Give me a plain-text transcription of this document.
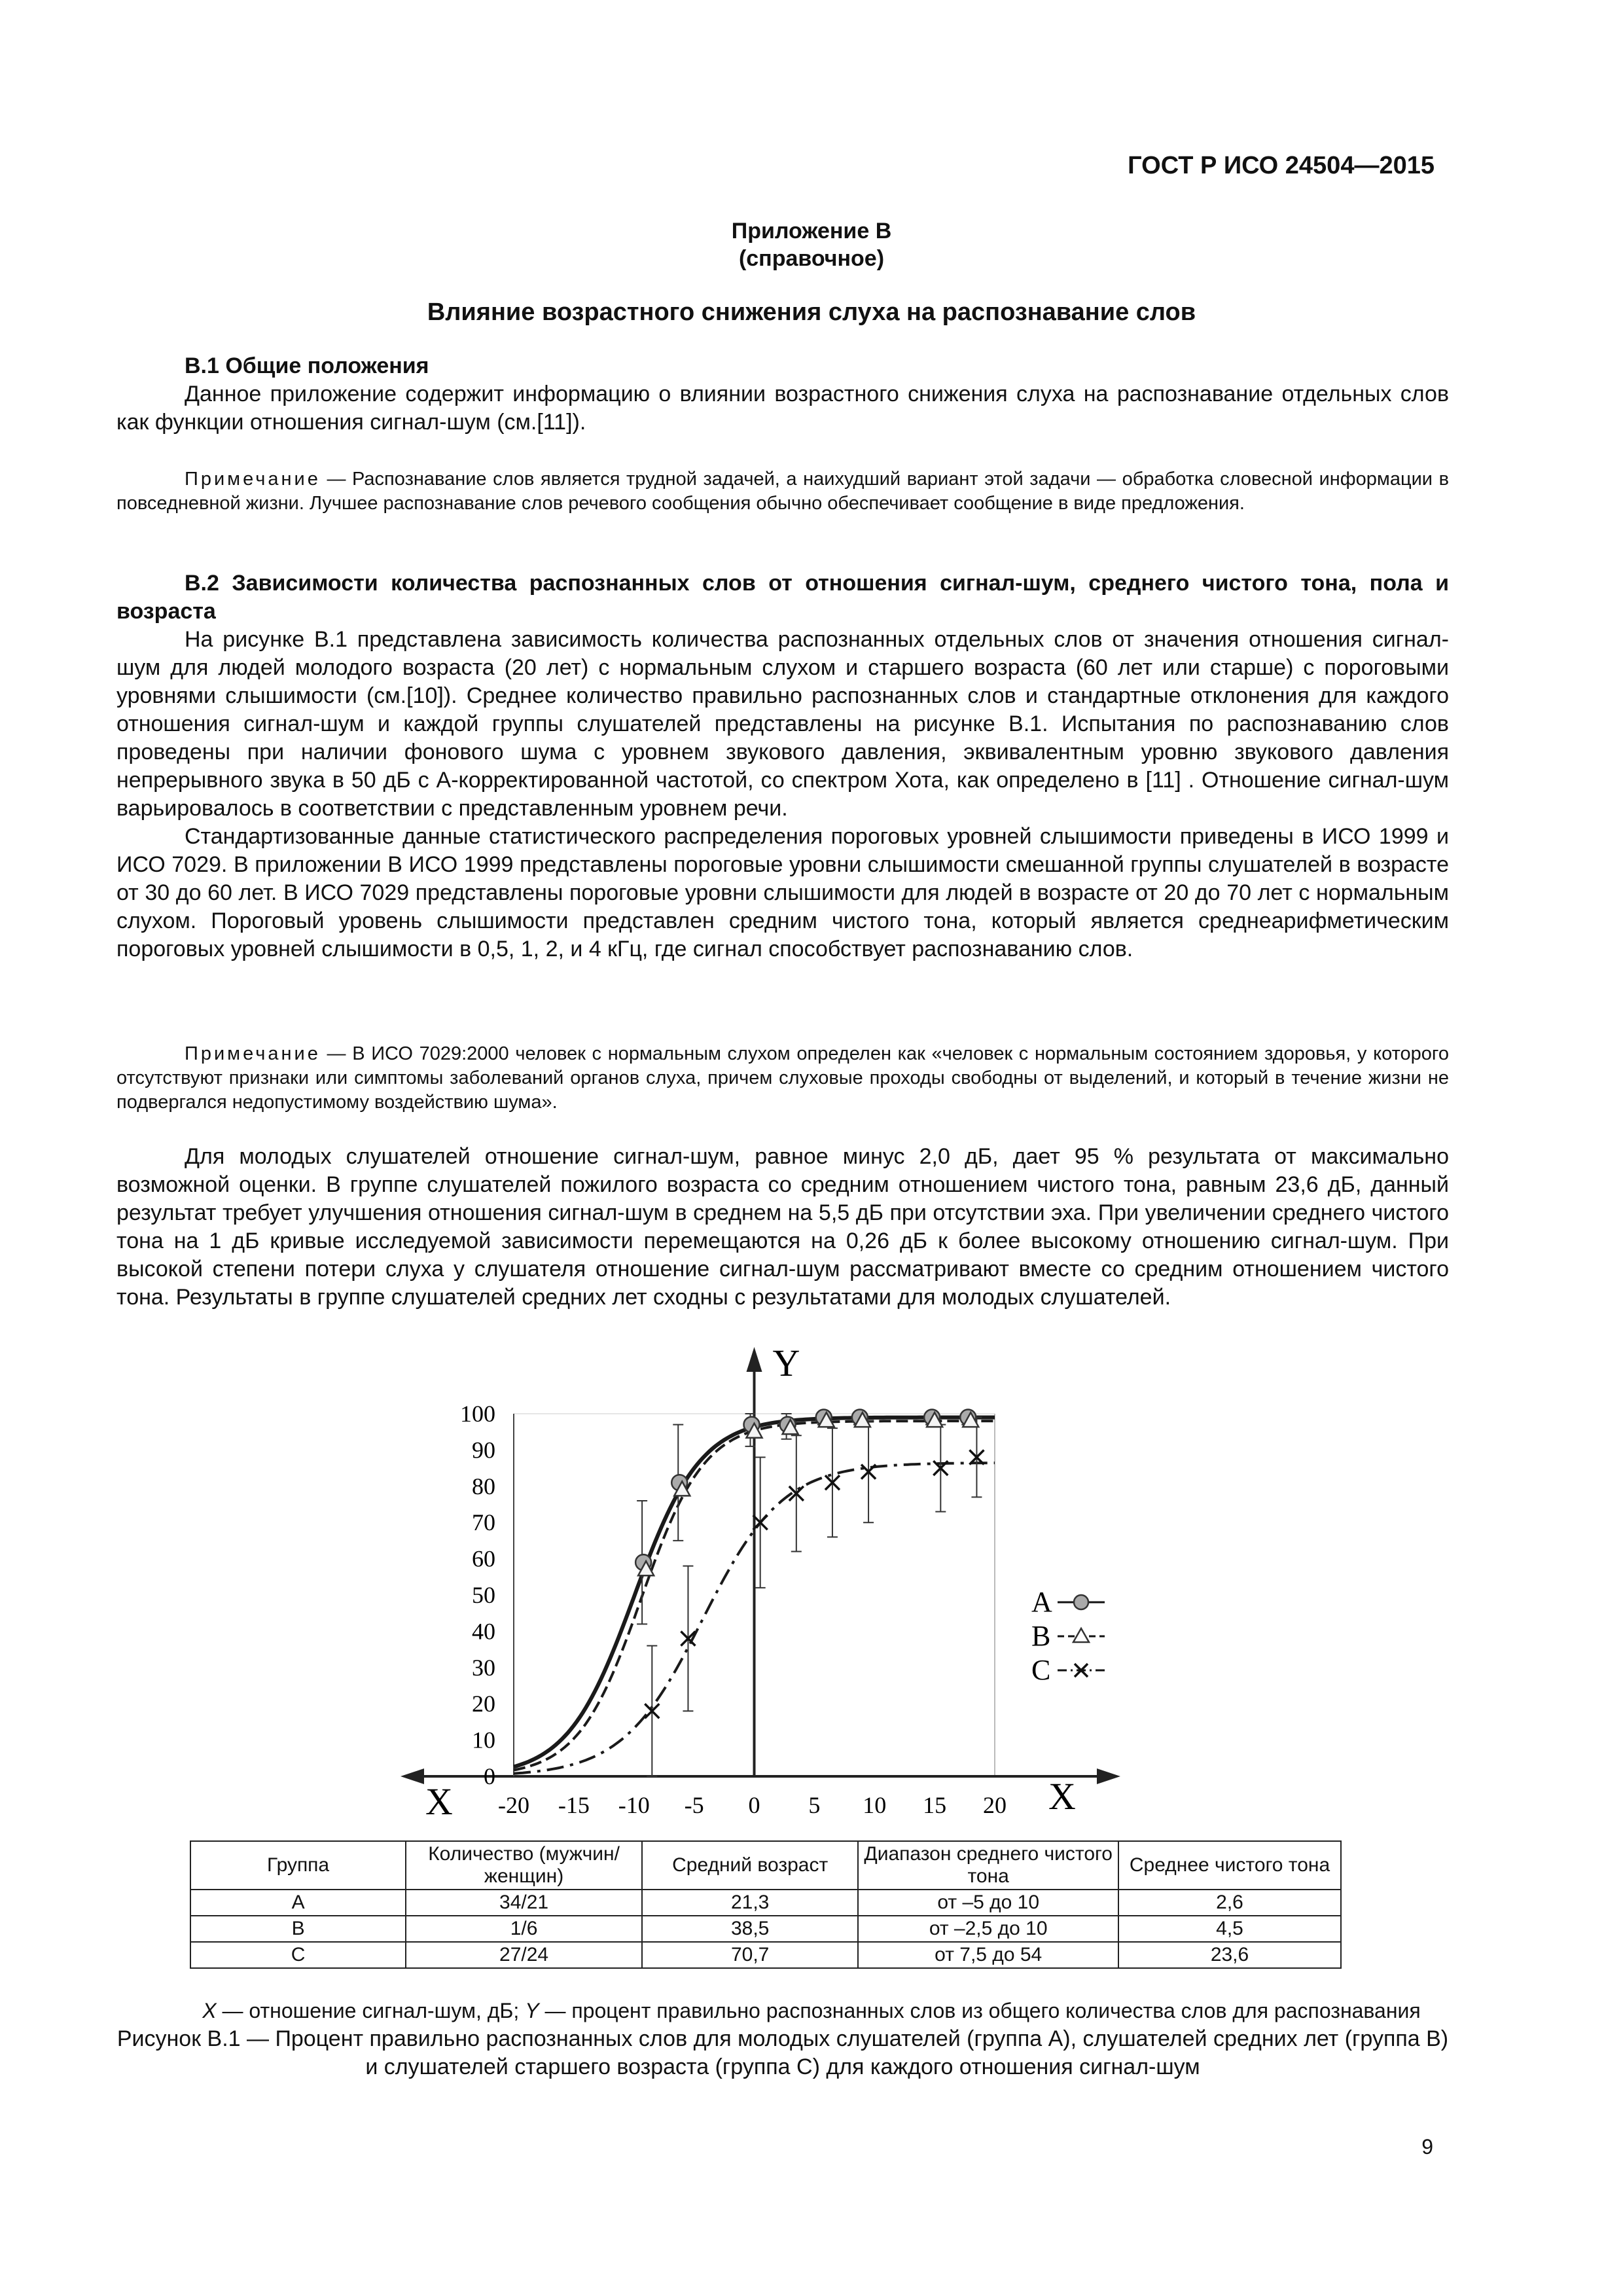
ГОСТ Р ИСО 24504—2015
Приложение В
(справочное)
Влияние возрастного снижения слуха на распознавание слов
В.1 Общие положения
Данное приложение содержит информацию о влиянии возрастного снижения слуха на распознавание отдельных слов как функции отношения сигнал-шум (см.[11]).
Примечание — Распознавание слов является трудной задачей, а наихудший вариант этой задачи — обработка словесной информации в повседневной жизни. Лучшее распознавание слов речевого сообщения обычно обеспечивает сообщение в виде предложения.
В.2 Зависимости количества распознанных слов от отношения сигнал-шум, среднего чистого тона, пола и возраста
На рисунке В.1 представлена зависимость количества распознанных отдельных слов от значения отношения сигнал-шум для людей молодого возраста (20 лет) с нормальным слухом и старшего возраста (60 лет или старше) с пороговыми уровнями слышимости (см.[10]). Среднее количество правильно распознанных слов и стандартные отклонения для каждого отношения сигнал-шум и каждой группы слушателей представлены на рисунке В.1. Испытания по распознаванию слов проведены при наличии фонового шума с уровнем звукового давления, эквивалентным уровню звукового давления непрерывного звука в 50 дБ с А-корректированной частотой, со спектром Хота, как определено в [11] . Отношение сигнал-шум варьировалось в соответствии с представленным уровнем речи.
Стандартизованные данные статистического распределения пороговых уровней слышимости приведены в ИСО 1999 и ИСО 7029. В приложении В ИСО 1999 представлены пороговые уровни слышимости смешанной группы слушателей в возрасте от 30 до 60 лет. В ИСО 7029 представлены пороговые уровни слышимости для людей в возрасте от 20 до 70 лет с нормальным слухом. Пороговый уровень слышимости представлен средним чистого тона, который является среднеарифметическим пороговых уровней слышимости в 0,5, 1, 2, и 4 кГц, где сигнал способствует распознаванию слов.
Примечание — В ИСО 7029:2000 человек с нормальным слухом определен как «человек с нормальным состоянием здоровья, у которого отсутствуют признаки или симптомы заболеваний органов слуха, причем слуховые проходы свободны от выделений, и который в течение жизни не подвергался недопустимому воздействию шума».
Для молодых слушателей отношение сигнал-шум, равное минус 2,0 дБ, дает 95 % результата от максимально возможной оценки. В группе слушателей пожилого возраста со средним отношением чистого тона, равным 23,6 дБ, данный результат требует улучшения отношения сигнал-шум в среднем на 5,5 дБ при отсутствии эха. При увеличении среднего чистого тона на 1 дБ кривые исследуемой зависимости перемещаются на 0,26 дБ к более высокому отношению сигнал-шум. При высокой степени потери слуха у слушателя отношение сигнал-шум рассматривают вместе со средним отношением чистого тона. Результаты в группе слушателей средних лет сходны с результатами для молодых слушателей.
0
10
20
30
40
50
60
70
80
90
100
-20 -15 -10 -5 0 5 10 15 20
A
B
C
X
X
Y
Группа	Количество (мужчин/женщин)	Средний возраст	Диапазон среднего чистого тона	Среднее чистого тона
A	34/21	21,3	от –5 до 10	2,6
B	1/6	38,5	от –2,5 до 10	4,5
C	27/24	70,7	от 7,5 до 54	23,6
X — отношение сигнал-шум, дБ; Y — процент правильно распознанных слов из общего количества слов для распознавания
Рисунок В.1 — Процент правильно распознанных слов для молодых слушателей (группа A), слушателей средних лет (группа B) и слушателей старшего возраста (группа C) для каждого отношения сигнал-шум
9
